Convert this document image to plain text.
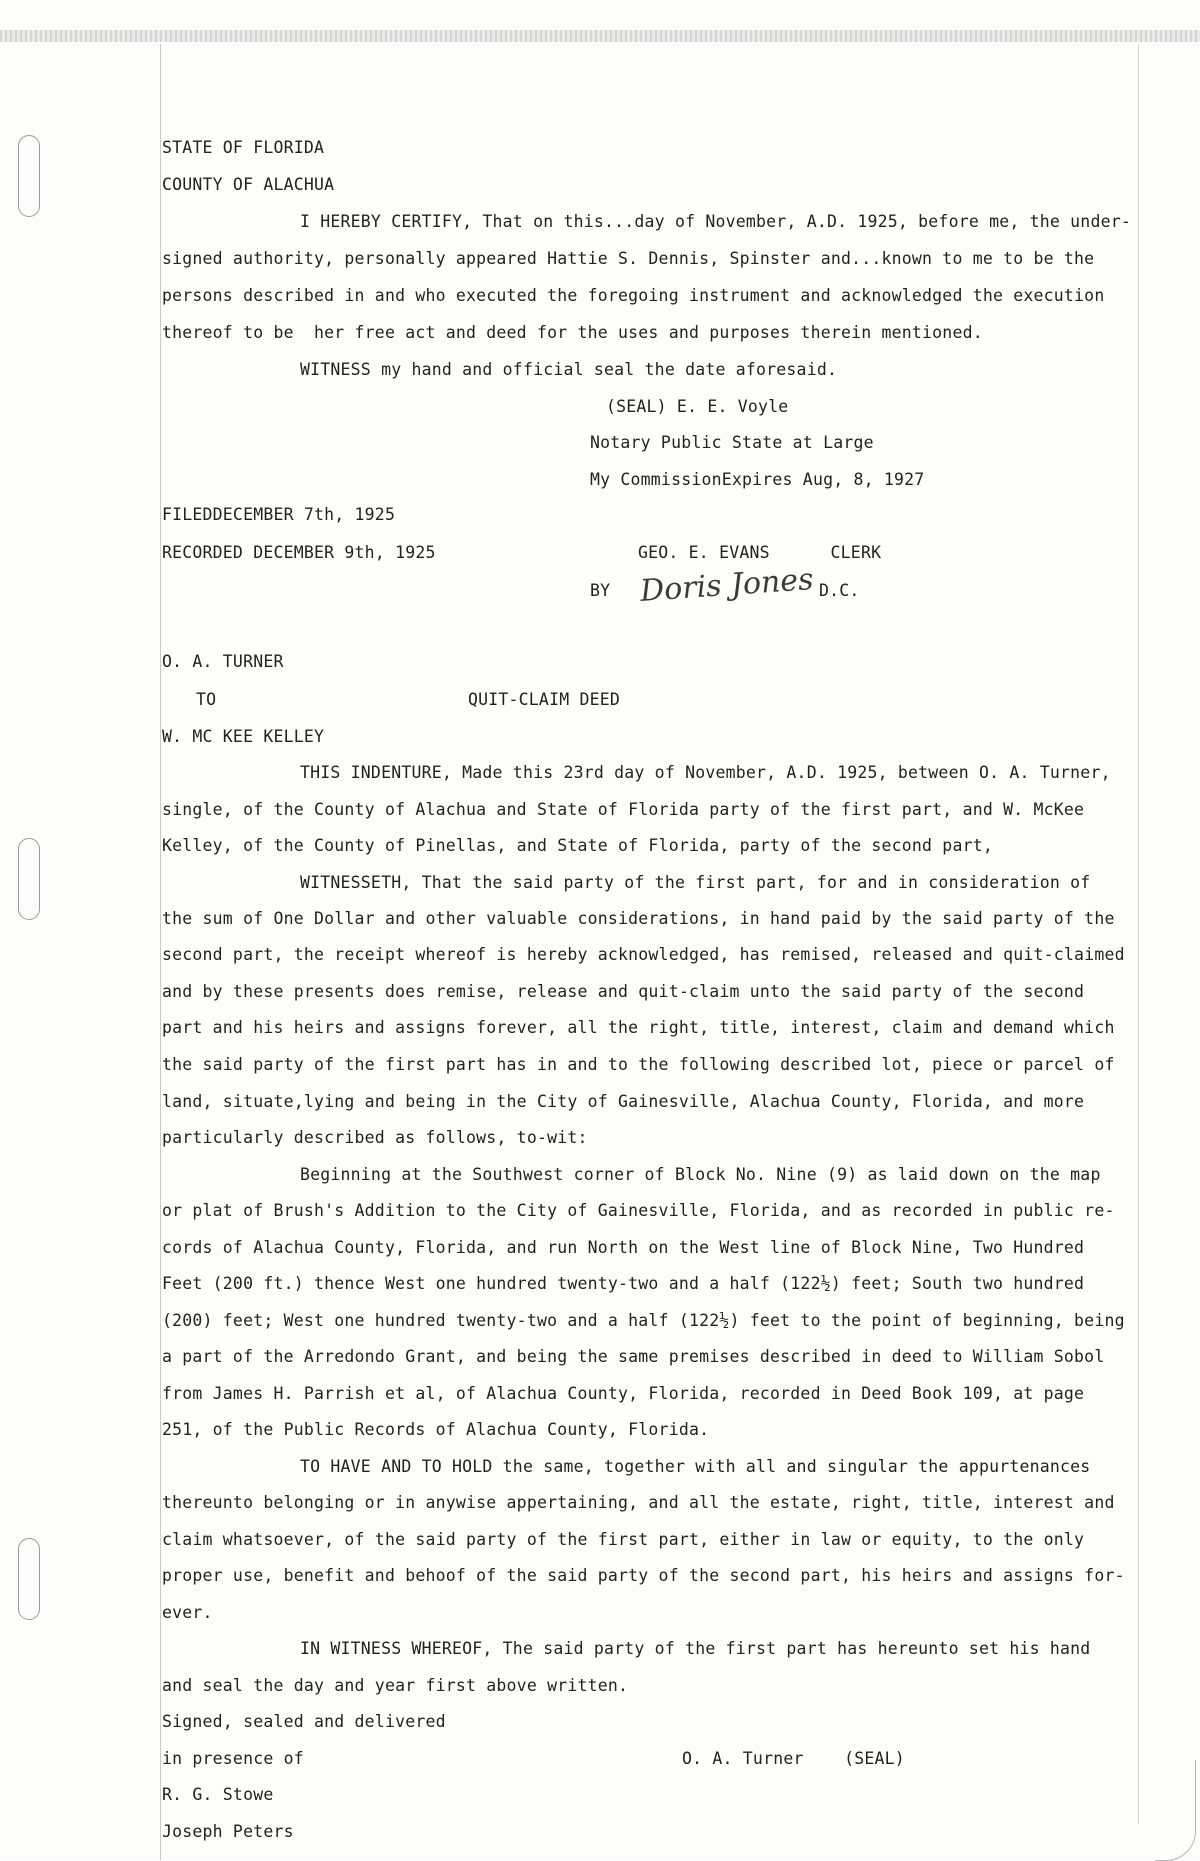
STATE OF FLORIDA
COUNTY OF ALACHUA
I HEREBY CERTIFY, That on this...day of November, A.D. 1925, before me, the under-
signed authority, personally appeared Hattie S. Dennis, Spinster and...known to me to be the
persons described in and who executed the foregoing instrument and acknowledged the execution
thereof to be  her free act and deed for the uses and purposes therein mentioned.
WITNESS my hand and official seal the date aforesaid.
(SEAL) E. E. Voyle
Notary Public State at Large
My CommissionExpires Aug, 8, 1927
FILEDDECEMBER 7th, 1925
RECORDED DECEMBER 9th, 1925	GEO. E. EVANS      CLERK
BY Doris Jones D.C.
O. A. TURNER
TO	QUIT-CLAIM DEED
W. MC KEE KELLEY
THIS INDENTURE, Made this 23rd day of November, A.D. 1925, between O. A. Turner,
single, of the County of Alachua and State of Florida party of the first part, and W. McKee
Kelley, of the County of Pinellas, and State of Florida, party of the second part,
WITNESSETH, That the said party of the first part, for and in consideration of
the sum of One Dollar and other valuable considerations, in hand paid by the said party of the
second part, the receipt whereof is hereby acknowledged, has remised, released and quit-claimed
and by these presents does remise, release and quit-claim unto the said party of the second
part and his heirs and assigns forever, all the right, title, interest, claim and demand which
the said party of the first part has in and to the following described lot, piece or parcel of
land, situate,lying and being in the City of Gainesville, Alachua County, Florida, and more
particularly described as follows, to-wit:
Beginning at the Southwest corner of Block No. Nine (9) as laid down on the map
or plat of Brush's Addition to the City of Gainesville, Florida, and as recorded in public re-
cords of Alachua County, Florida, and run North on the West line of Block Nine, Two Hundred
Feet (200 ft.) thence West one hundred twenty-two and a half (122½) feet; South two hundred
(200) feet; West one hundred twenty-two and a half (122½) feet to the point of beginning, being
a part of the Arredondo Grant, and being the same premises described in deed to William Sobol
from James H. Parrish et al, of Alachua County, Florida, recorded in Deed Book 109, at page
251, of the Public Records of Alachua County, Florida.
TO HAVE AND TO HOLD the same, together with all and singular the appurtenances
thereunto belonging or in anywise appertaining, and all the estate, right, title, interest and
claim whatsoever, of the said party of the first part, either in law or equity, to the only
proper use, benefit and behoof of the said party of the second part, his heirs and assigns for-
ever.
IN WITNESS WHEREOF, The said party of the first part has hereunto set his hand
and seal the day and year first above written.
Signed, sealed and delivered
in presence of	O. A. Turner    (SEAL)
R. G. Stowe
Joseph Peters
